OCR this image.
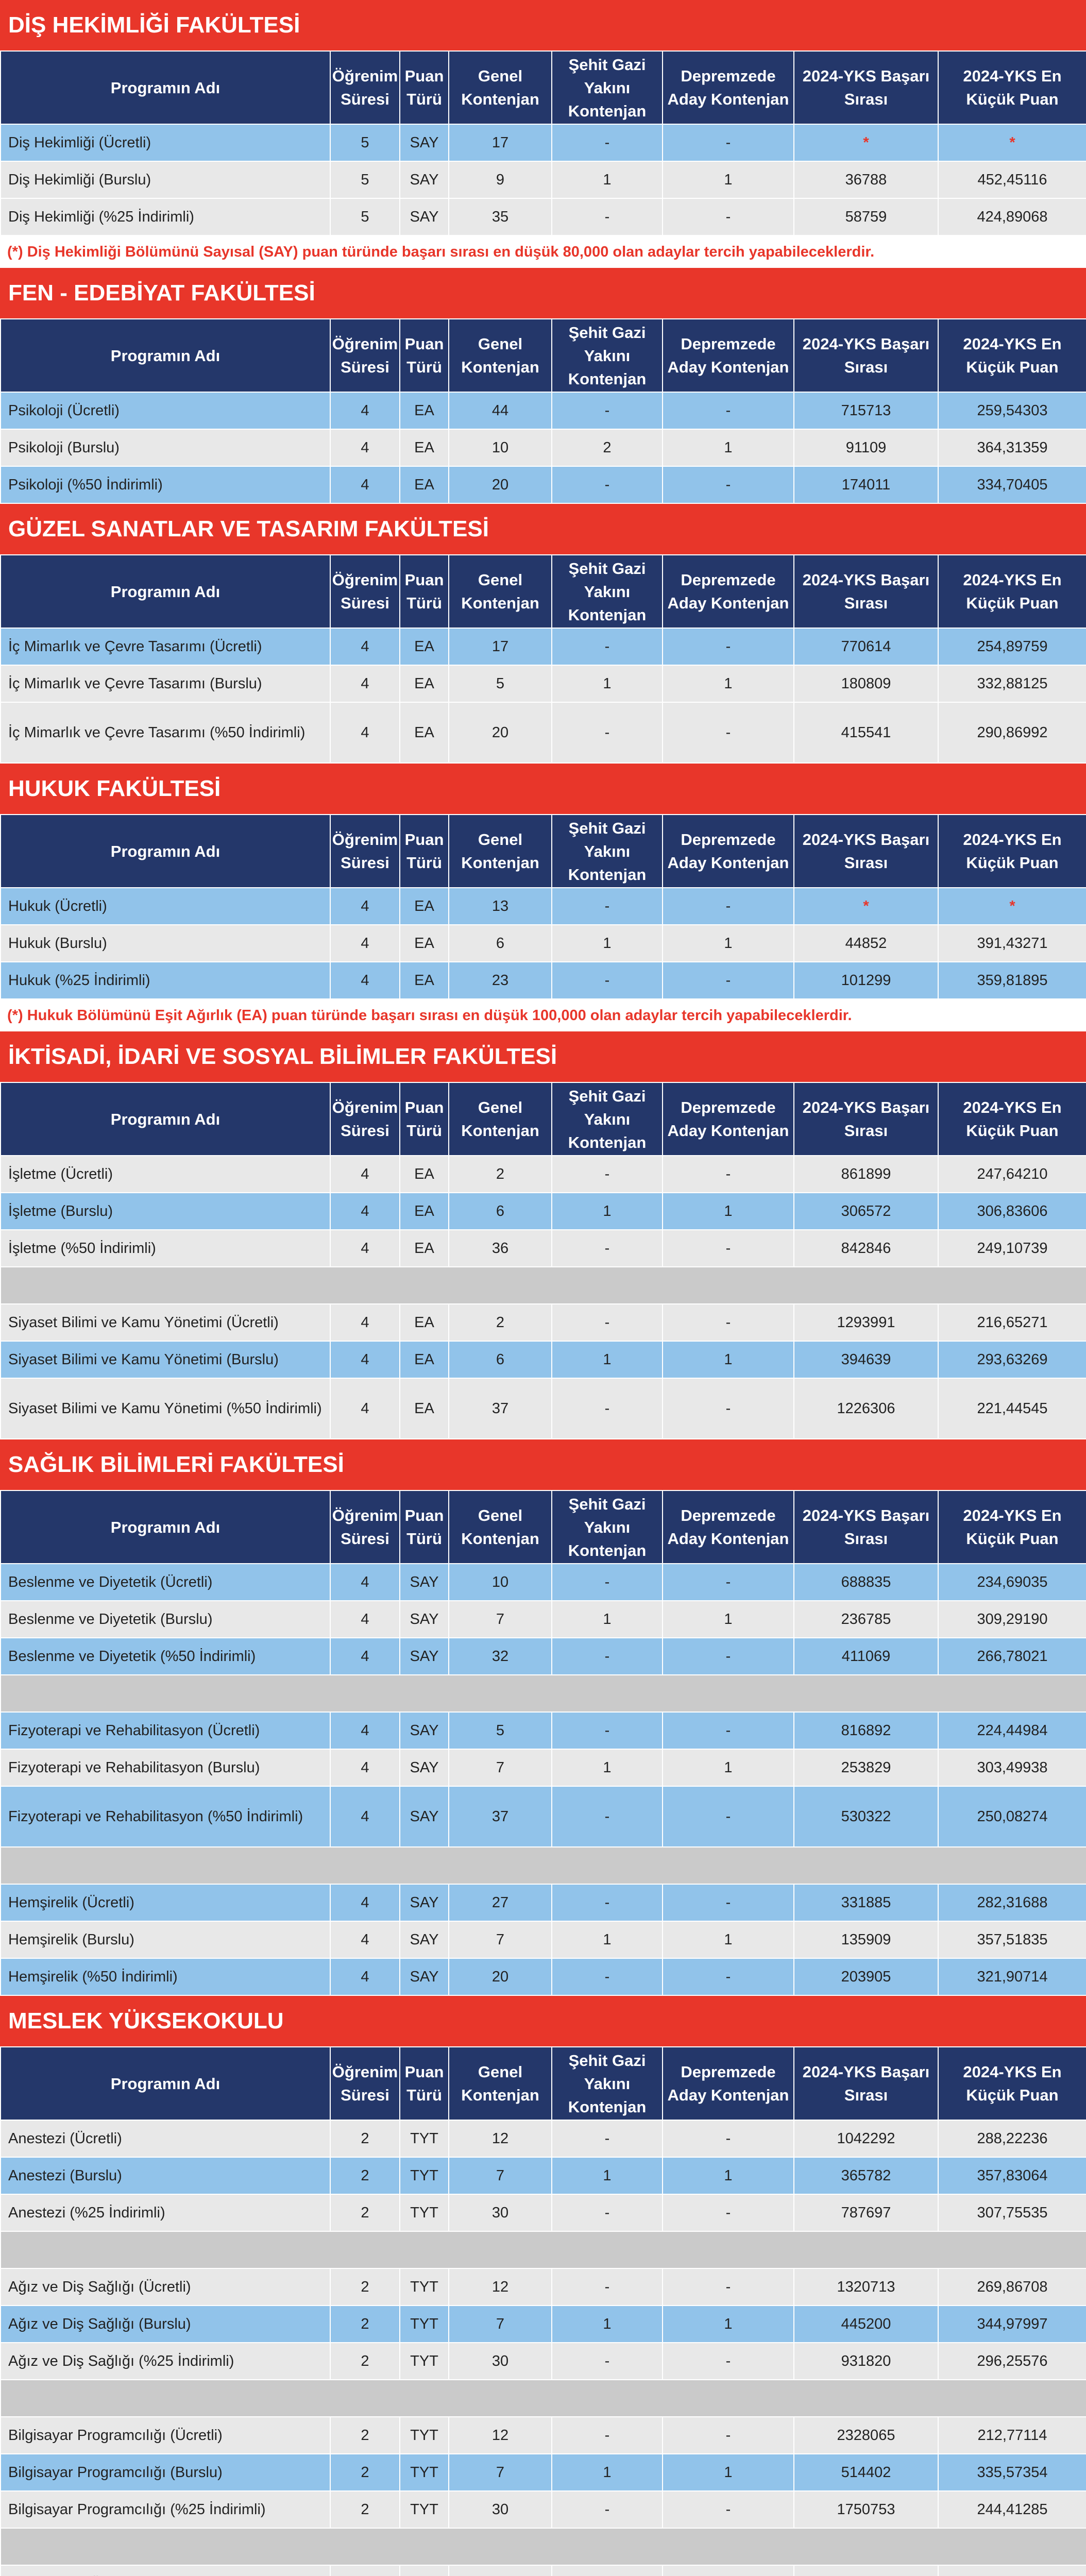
DİŞ HEKİMLİĞİ FAKÜLTESİ
Programın Adı	Öğrenim Süresi	Puan Türü	Genel Kontenjan	Şehit Gazi Yakını Kontenjan	Depremzede Aday Kontenjan	2024-YKS Başarı Sırası	2024-YKS En Küçük Puan
Diş Hekimliği (Ücretli)	5	SAY	17	-	-	*	*
Diş Hekimliği (Burslu)	5	SAY	9	1	1	36788	452,45116
Diş Hekimliği (%25 İndirimli)	5	SAY	35	-	-	58759	424,89068
(*) Diş Hekimliği Bölümünü Sayısal (SAY) puan türünde başarı sırası en düşük 80,000 olan adaylar tercih yapabileceklerdir.
FEN - EDEBİYAT FAKÜLTESİ
Programın Adı	Öğrenim Süresi	Puan Türü	Genel Kontenjan	Şehit Gazi Yakını Kontenjan	Depremzede Aday Kontenjan	2024-YKS Başarı Sırası	2024-YKS En Küçük Puan
Psikoloji (Ücretli)	4	EA	44	-	-	715713	259,54303
Psikoloji (Burslu)	4	EA	10	2	1	91109	364,31359
Psikoloji (%50 İndirimli)	4	EA	20	-	-	174011	334,70405
GÜZEL SANATLAR VE TASARIM FAKÜLTESİ
Programın Adı	Öğrenim Süresi	Puan Türü	Genel Kontenjan	Şehit Gazi Yakını Kontenjan	Depremzede Aday Kontenjan	2024-YKS Başarı Sırası	2024-YKS En Küçük Puan
İç Mimarlık ve Çevre Tasarımı (Ücretli)	4	EA	17	-	-	770614	254,89759
İç Mimarlık ve Çevre Tasarımı (Burslu)	4	EA	5	1	1	180809	332,88125
İç Mimarlık ve Çevre Tasarımı (%50 İndirimli)	4	EA	20	-	-	415541	290,86992
HUKUK FAKÜLTESİ
Programın Adı	Öğrenim Süresi	Puan Türü	Genel Kontenjan	Şehit Gazi Yakını Kontenjan	Depremzede Aday Kontenjan	2024-YKS Başarı Sırası	2024-YKS En Küçük Puan
Hukuk (Ücretli)	4	EA	13	-	-	*	*
Hukuk (Burslu)	4	EA	6	1	1	44852	391,43271
Hukuk (%25 İndirimli)	4	EA	23	-	-	101299	359,81895
(*) Hukuk Bölümünü Eşit Ağırlık (EA) puan türünde başarı sırası en düşük 100,000 olan adaylar tercih yapabileceklerdir.
İKTİSADİ, İDARİ VE SOSYAL BİLİMLER FAKÜLTESİ
Programın Adı	Öğrenim Süresi	Puan Türü	Genel Kontenjan	Şehit Gazi Yakını Kontenjan	Depremzede Aday Kontenjan	2024-YKS Başarı Sırası	2024-YKS En Küçük Puan
İşletme (Ücretli)	4	EA	2	-	-	861899	247,64210
İşletme (Burslu)	4	EA	6	1	1	306572	306,83606
İşletme (%50 İndirimli)	4	EA	36	-	-	842846	249,10739

Siyaset Bilimi ve Kamu Yönetimi (Ücretli)	4	EA	2	-	-	1293991	216,65271
Siyaset Bilimi ve Kamu Yönetimi (Burslu)	4	EA	6	1	1	394639	293,63269
Siyaset Bilimi ve Kamu Yönetimi (%50 İndirimli)	4	EA	37	-	-	1226306	221,44545
SAĞLIK BİLİMLERİ FAKÜLTESİ
Programın Adı	Öğrenim Süresi	Puan Türü	Genel Kontenjan	Şehit Gazi Yakını Kontenjan	Depremzede Aday Kontenjan	2024-YKS Başarı Sırası	2024-YKS En Küçük Puan
Beslenme ve Diyetetik (Ücretli)	4	SAY	10	-	-	688835	234,69035
Beslenme ve Diyetetik (Burslu)	4	SAY	7	1	1	236785	309,29190
Beslenme ve Diyetetik (%50 İndirimli)	4	SAY	32	-	-	411069	266,78021

Fizyoterapi ve Rehabilitasyon (Ücretli)	4	SAY	5	-	-	816892	224,44984
Fizyoterapi ve Rehabilitasyon (Burslu)	4	SAY	7	1	1	253829	303,49938
Fizyoterapi ve Rehabilitasyon (%50 İndirimli)	4	SAY	37	-	-	530322	250,08274

Hemşirelik (Ücretli)	4	SAY	27	-	-	331885	282,31688
Hemşirelik (Burslu)	4	SAY	7	1	1	135909	357,51835
Hemşirelik (%50 İndirimli)	4	SAY	20	-	-	203905	321,90714
MESLEK YÜKSEKOKULU
Programın Adı	Öğrenim Süresi	Puan Türü	Genel Kontenjan	Şehit Gazi Yakını Kontenjan	Depremzede Aday Kontenjan	2024-YKS Başarı Sırası	2024-YKS En Küçük Puan
Anestezi (Ücretli)	2	TYT	12	-	-	1042292	288,22236
Anestezi (Burslu)	2	TYT	7	1	1	365782	357,83064
Anestezi (%25 İndirimli)	2	TYT	30	-	-	787697	307,75535

Ağız ve Diş Sağlığı (Ücretli)	2	TYT	12	-	-	1320713	269,86708
Ağız ve Diş Sağlığı (Burslu)	2	TYT	7	1	1	445200	344,97997
Ağız ve Diş Sağlığı (%25 İndirimli)	2	TYT	30	-	-	931820	296,25576

Bilgisayar Programcılığı (Ücretli)	2	TYT	12	-	-	2328065	212,77114
Bilgisayar Programcılığı (Burslu)	2	TYT	7	1	1	514402	335,57354
Bilgisayar Programcılığı (%25 İndirimli)	2	TYT	30	-	-	1750753	244,41285
